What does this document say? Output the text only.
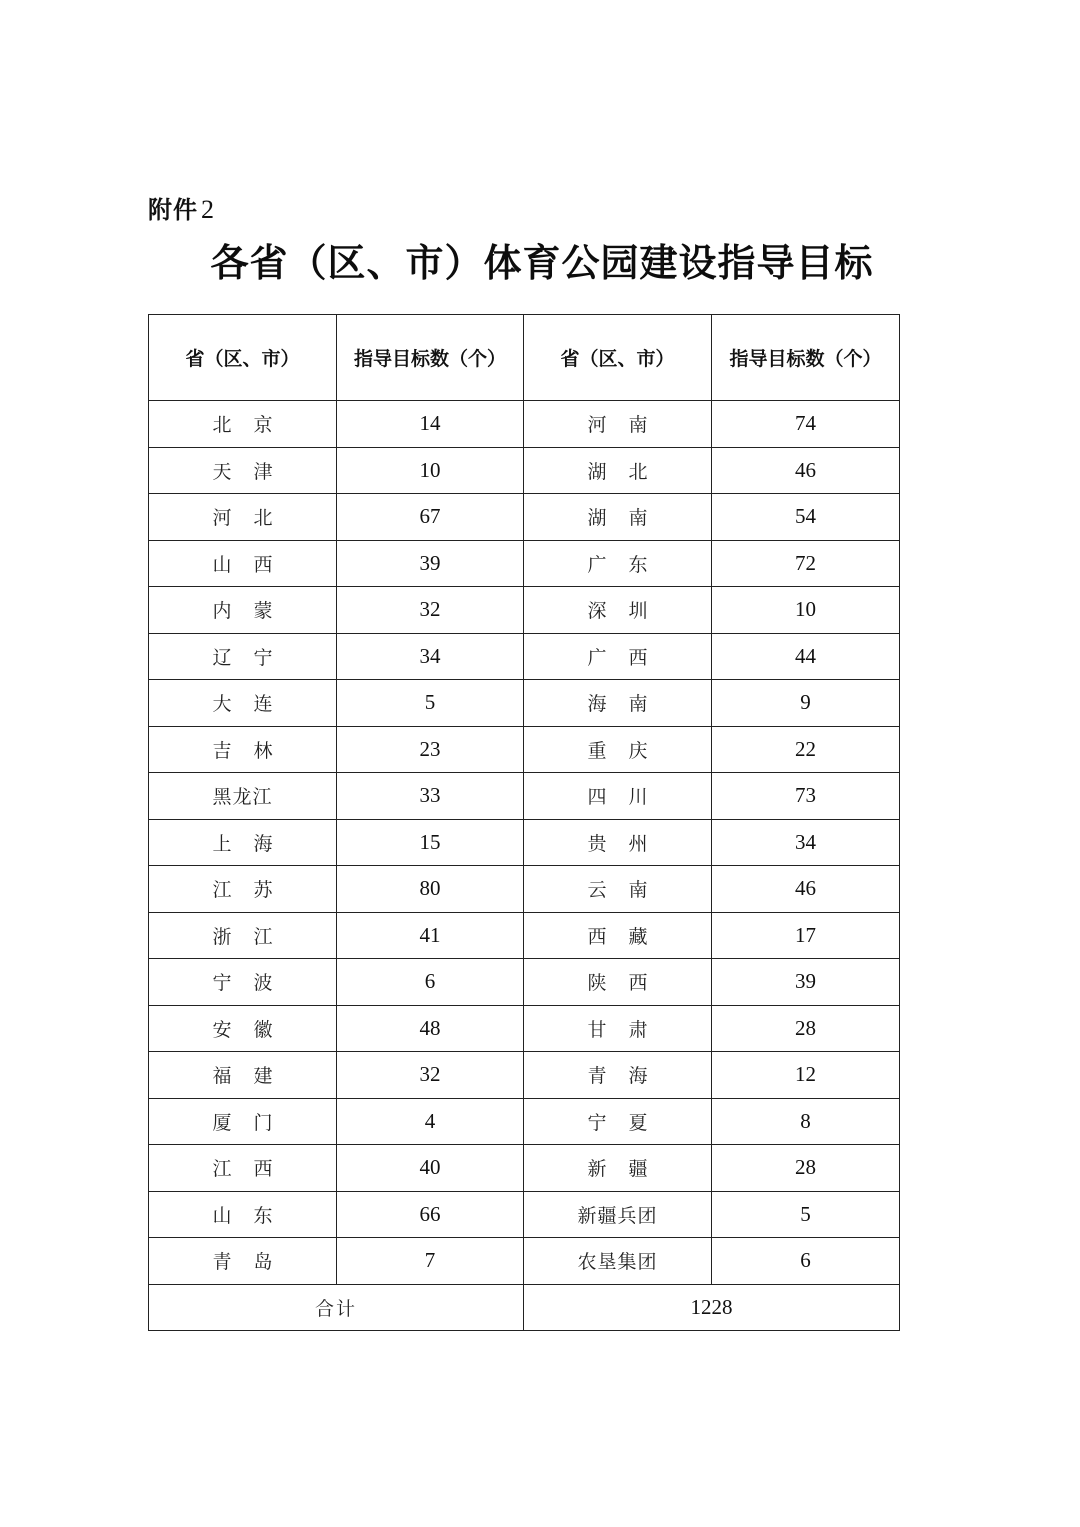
附件 2
各省（区、市）体育公园建设指导目标
省（区、市）	指导目标数（个）	省（区、市）	指导目标数（个）
北京	14	河南	74
天津	10	湖北	46
河北	67	湖南	54
山西	39	广东	72
内蒙	32	深圳	10
辽宁	34	广西	44
大连	5	海南	9
吉林	23	重庆	22
黑龙江	33	四川	73
上海	15	贵州	34
江苏	80	云南	46
浙江	41	西藏	17
宁波	6	陕西	39
安徽	48	甘肃	28
福建	32	青海	12
厦门	4	宁夏	8
江西	40	新疆	28
山东	66	新疆兵团	5
青岛	7	农垦集团	6
合计		1228	
